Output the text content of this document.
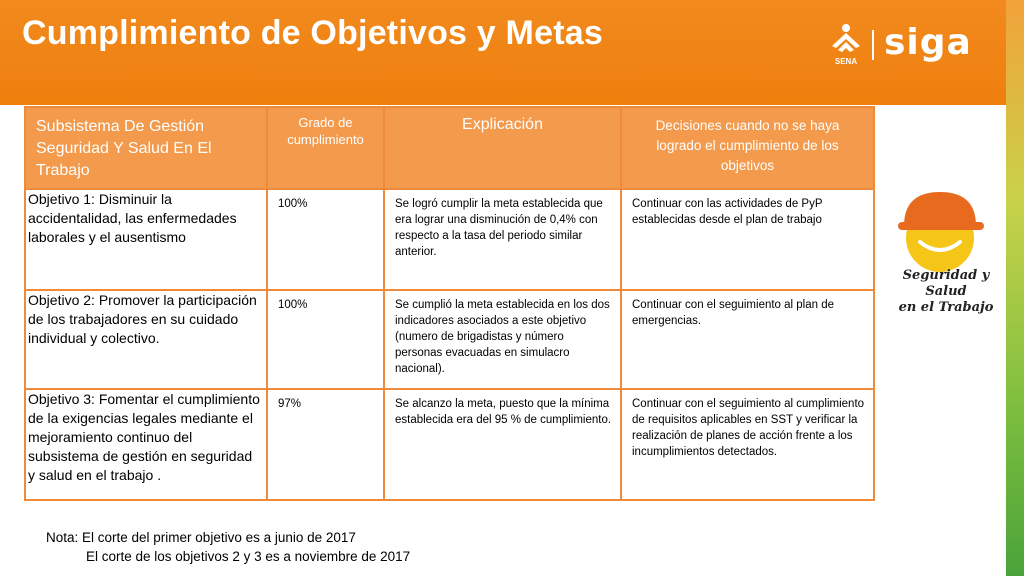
Cumplimiento de Objetivos y Metas
SENA siga
Subsistema De Gestión Seguridad Y Salud En El Trabajo	Grado de cumplimiento	Explicación	Decisiones cuando no se haya logrado el cumplimiento de los objetivos
Objetivo 1: Disminuir la accidentalidad, las enfermedades laborales y el ausentismo	100%	Se logró cumplir la meta establecida que era lograr una disminución de 0,4% con respecto a la tasa del periodo similar anterior.	Continuar con las actividades de PyP establecidas desde el plan de trabajo
Objetivo 2: Promover la participación de los trabajadores en su cuidado individual y colectivo.	100%	Se cumplió la meta establecida en los dos indicadores asociados a este objetivo (numero de brigadistas y número personas evacuadas en simulacro nacional).	Continuar con el seguimiento al plan de emergencias.
Objetivo 3: Fomentar el cumplimiento de la exigencias legales mediante el mejoramiento continuo del subsistema de gestión en seguridad y salud en el trabajo .	97%	Se alcanzo la meta, puesto que la mínima establecida era del 95 % de cumplimiento.	Continuar con el seguimiento al cumplimiento de requisitos aplicables en SST y verificar la realización de planes de acción frente a los incumplimientos detectados.
Seguridad y Salud
en el Trabajo
Nota: El corte del primer objetivo es a junio de 2017
El corte de los objetivos 2 y 3 es a noviembre de 2017
